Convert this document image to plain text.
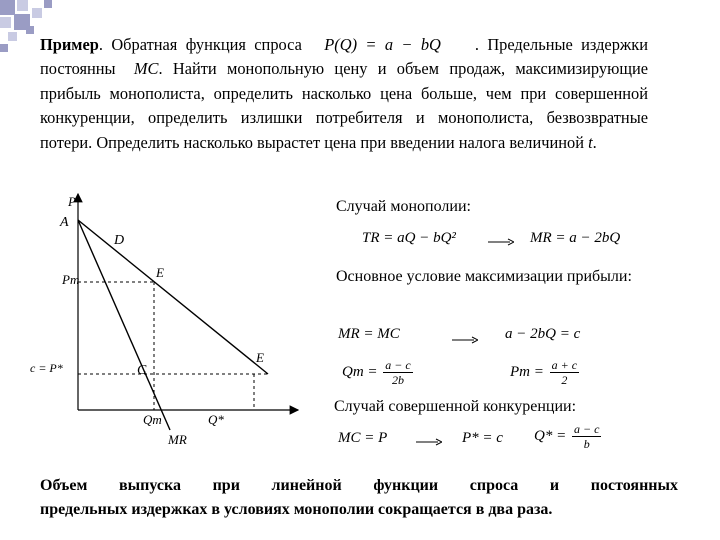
Пример. Обратная функция спроса P(Q) = a − bQ . Предельные издержки постоянны MC. Найти монопольную цену и объем продаж, максимизирующие прибыль монополиста, определить насколько цена больше, чем при совершенной конкуренции, определить излишки потребителя и монополиста, безвозвратные потери. Определить насколько вырастет цена при введении налога величиной t.
P
A
D
Pm	E
c = P*	C
E
Qm	Q*
MR
Случай монополии:
TR = aQ − bQ²	MR = a − 2bQ
Основное условие максимизации прибыли:
MR = MC	a − 2bQ = c
$Qm = \frac{a - c}{2b}$	$Pm = \frac{a + c}{2}$
Случай совершенной конкуренции:
MC = P	P* = c $Q* = \frac{a - c}{b}$
Объем выпуска при линейной функции спроса и постоянных
предельных издержках в условиях монополии сокращается в два раза.
